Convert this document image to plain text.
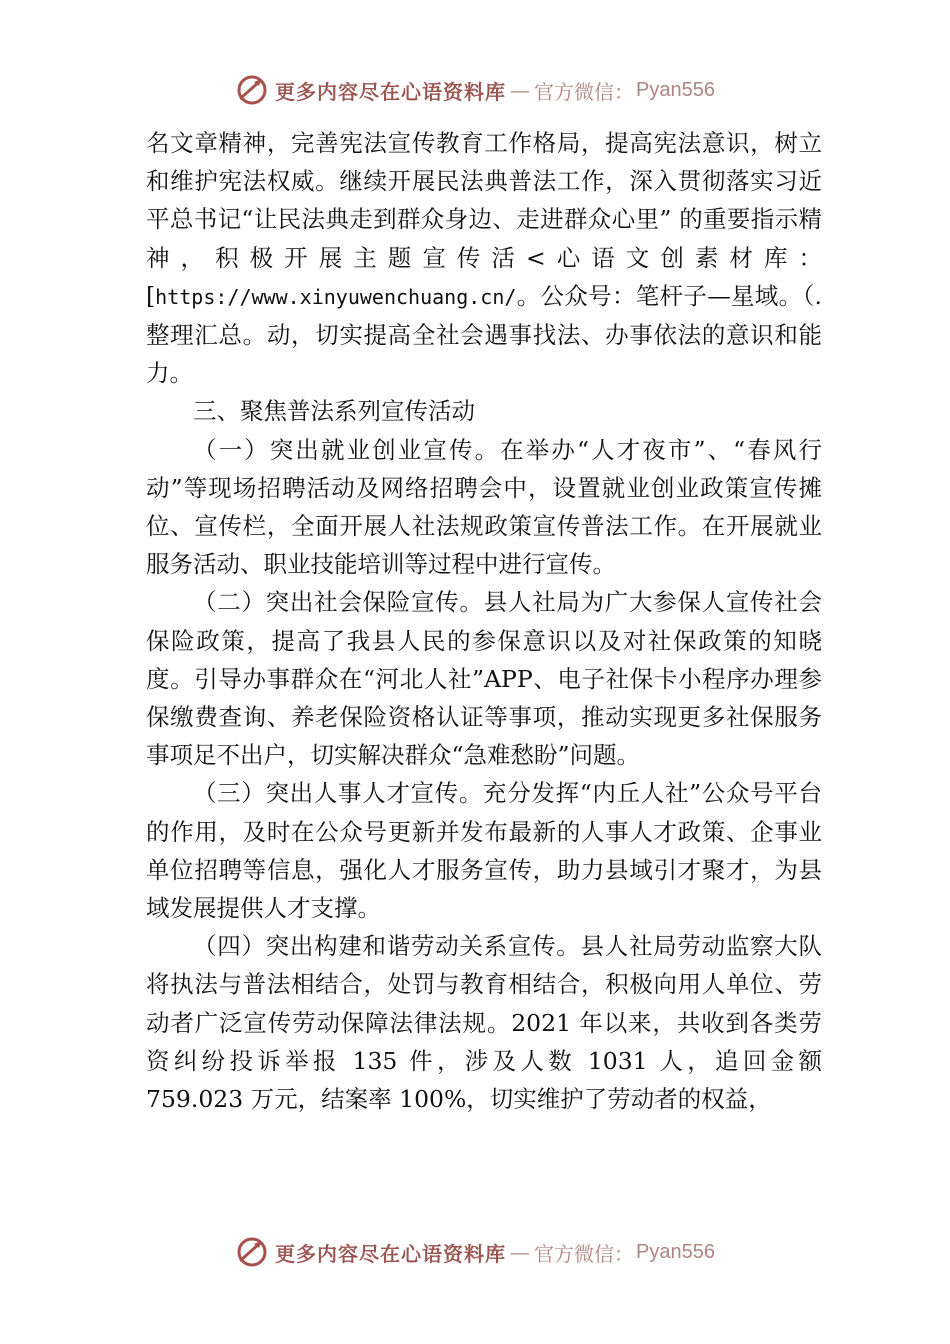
更多内容尽在心语资料库 — 官方微信： Pyan556

名文章精神，完善宪法宣传教育工作格局，提高宪法意识，树立和维护宪法权威。继续开展民法典普法工作，深入贯彻落实习近平总书记“让民法典走到群众身边、走进群众心里” 的重要指示精神，积极开展主题宣传活<心语文创素材库：[https://www.xinyuwenchuang.cn/。公众号：笔杆子—星域。（.整理汇总。动，切实提高全社会遇事找法、办事依法的意识和能力。

三、聚焦普法系列宣传活动

（一）突出就业创业宣传。在举办“人才夜市”、“春风行动”等现场招聘活动及网络招聘会中，设置就业创业政策宣传摊位、宣传栏，全面开展人社法规政策宣传普法工作。在开展就业服务活动、职业技能培训等过程中进行宣传。

（二）突出社会保险宣传。县人社局为广大参保人宣传社会保险政策，提高了我县人民的参保意识以及对社保政策的知晓度。引导办事群众在“河北人社”APP、电子社保卡小程序办理参保缴费查询、养老保险资格认证等事项，推动实现更多社保服务事项足不出户，切实解决群众“急难愁盼”问题。

（三）突出人事人才宣传。充分发挥“内丘人社”公众号平台的作用，及时在公众号更新并发布最新的人事人才政策、企事业单位招聘等信息，强化人才服务宣传，助力县域引才聚才，为县域发展提供人才支撑。

（四）突出构建和谐劳动关系宣传。县人社局劳动监察大队将执法与普法相结合，处罚与教育相结合，积极向用人单位、劳动者广泛宣传劳动保障法律法规。2021 年以来，共收到各类劳资纠纷投诉举报 135 件，涉及人数 1031 人，追回金额 759.023 万元，结案率 100%，切实维护了劳动者的权益，

更多内容尽在心语资料库 — 官方微信： Pyan556
